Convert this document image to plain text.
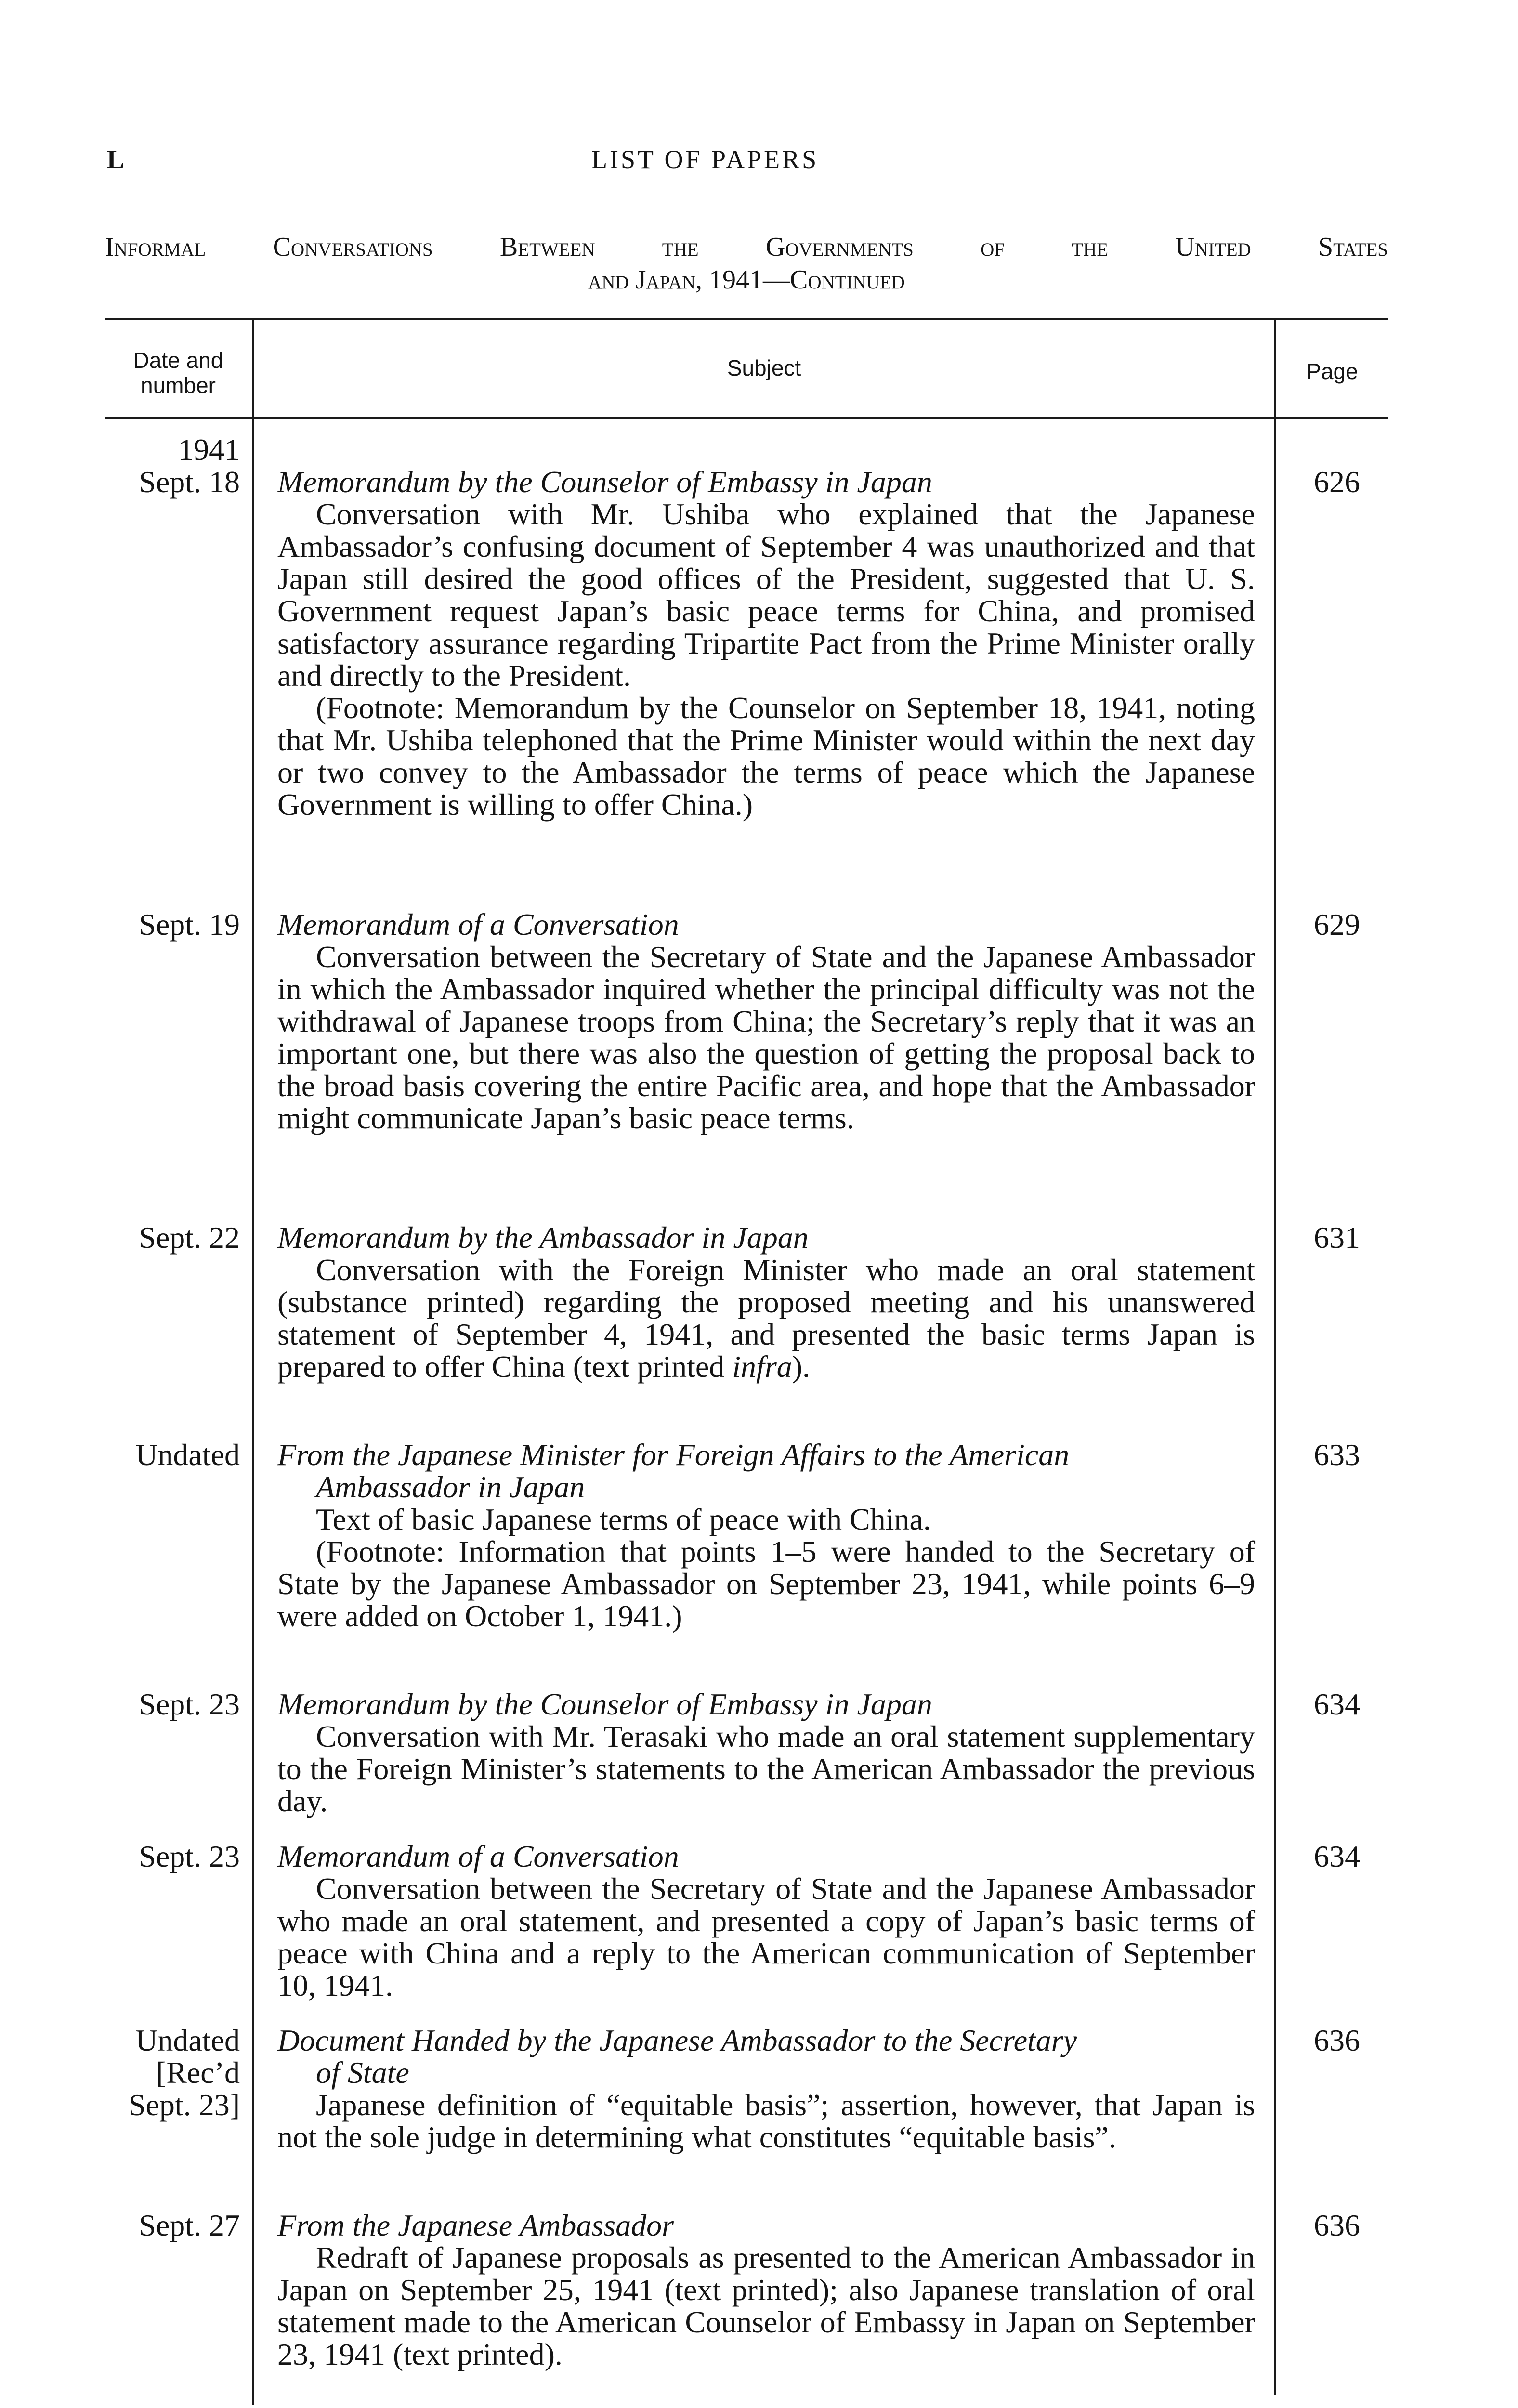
L	LIST OF PAPERS
Informal Conversations Between the Governments of the United States
and Japan, 1941—Continued
Date and number
Subject	Page
1941
Sept. 18 Memorandum by the Counselor of Embassy in Japan

Conversation with Mr. Ushiba who explained that the Japanese Ambassador’s confusing document of September 4 was unauthorized and that Japan still desired the good offices of the President, suggested that U. S. Government request Japan’s basic peace terms for China, and promised satisfactory assurance regarding Tripartite Pact from the Prime Minister orally and directly to the President.

(Footnote: Memorandum by the Counselor on September 18, 1941, noting that Mr. Ushiba telephoned that the Prime Minister would within the next day or two convey to the Ambassador the terms of peace which the Japanese Government is willing to offer China.)

626
Sept. 19 Memorandum of a Conversation

Conversation between the Secretary of State and the Japanese Ambassador in which the Ambassador inquired whether the principal difficulty was not the withdrawal of Japanese troops from China; the Secretary’s reply that it was an important one, but there was also the question of getting the proposal back to the broad basis covering the entire Pacific area, and hope that the Ambassador might communicate Japan’s basic peace terms.

629
Sept. 22 Memorandum by the Ambassador in Japan

Conversation with the Foreign Minister who made an oral statement (substance printed) regarding the proposed meeting and his unanswered statement of September 4, 1941, and presented the basic terms Japan is prepared to offer China (text printed infra).

631
Undated From the Japanese Minister for Foreign Affairs to the American
Ambassador in Japan

Text of basic Japanese terms of peace with China.

(Footnote: Information that points 1–5 were handed to the Secretary of State by the Japanese Ambassador on September 23, 1941, while points 6–9 were added on October 1, 1941.)

633
Sept. 23 Memorandum by the Counselor of Embassy in Japan

Conversation with Mr. Terasaki who made an oral statement supplementary to the Foreign Minister’s statements to the American Ambassador the previous day.

634
Sept. 23 Memorandum of a Conversation

Conversation between the Secretary of State and the Japanese Ambassador who made an oral statement, and presented a copy of Japan’s basic terms of peace with China and a reply to the American communication of September 10, 1941.

634
Undated
[Rec’d
Sept. 23]
Document Handed by the Japanese Ambassador to the Secretary
of State

Japanese definition of “equitable basis”; assertion, however, that Japan is not the sole judge in determining what constitutes “equitable basis”.

636
Sept. 27 From the Japanese Ambassador

Redraft of Japanese proposals as presented to the American Ambassador in Japan on September 25, 1941 (text printed); also Japanese translation of oral statement made to the American Counselor of Embassy in Japan on September 23, 1941 (text printed).

636
